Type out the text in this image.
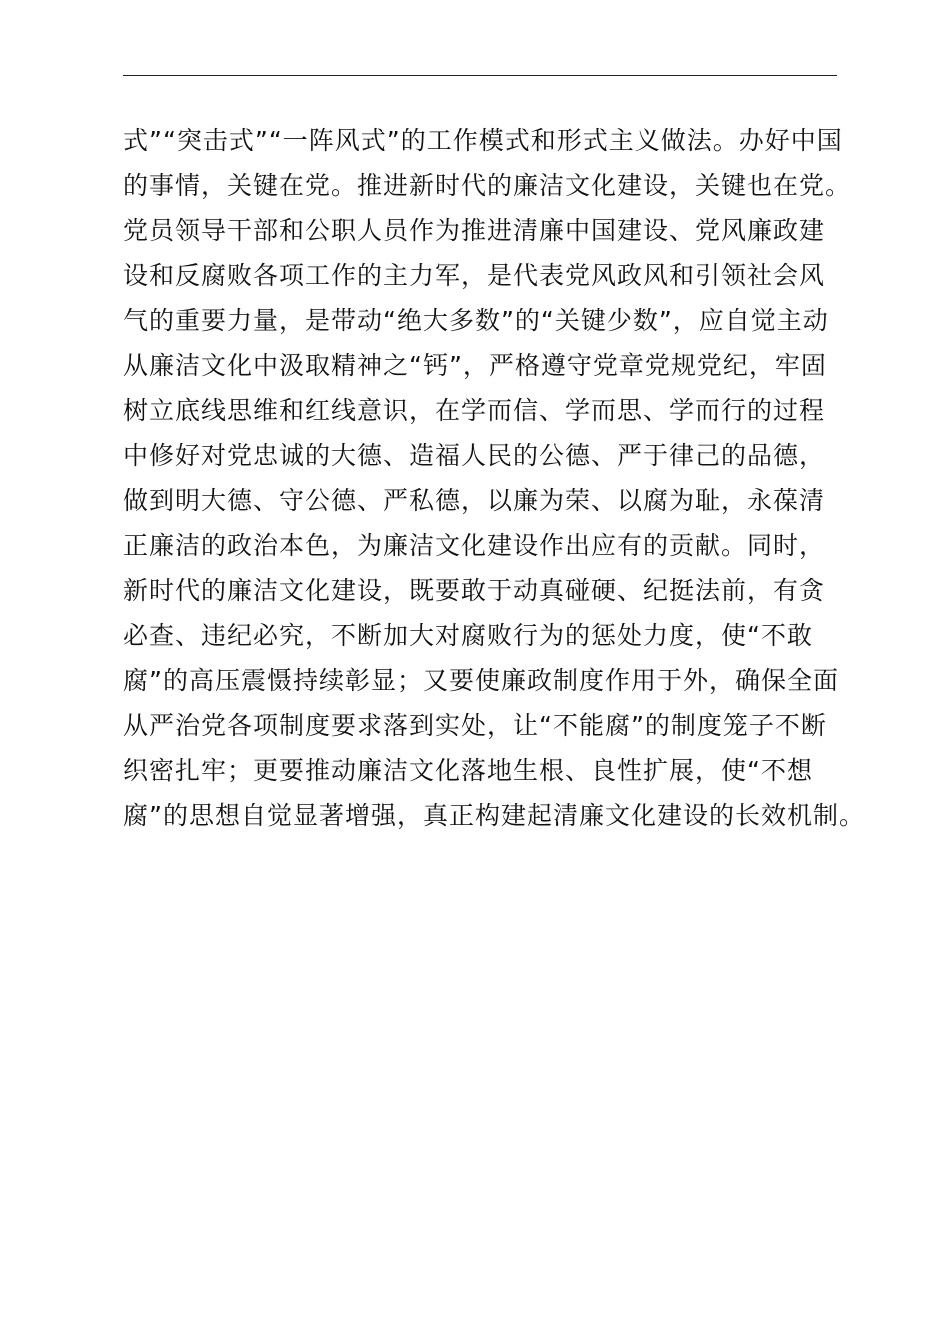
式”“突击式”“一阵风式”的工作模式和形式主义做法。办好中国
的事情，关键在党。推进新时代的廉洁文化建设，关键也在党。
党员领导干部和公职人员作为推进清廉中国建设、党风廉政建
设和反腐败各项工作的主力军，是代表党风政风和引领社会风
气的重要力量，是带动“绝大多数”的“关键少数”，应自觉主动
从廉洁文化中汲取精神之“钙”，严格遵守党章党规党纪，牢固
树立底线思维和红线意识，在学而信、学而思、学而行的过程
中修好对党忠诚的大德、造福人民的公德、严于律己的品德，
做到明大德、守公德、严私德，以廉为荣、以腐为耻，永葆清
正廉洁的政治本色，为廉洁文化建设作出应有的贡献。同时，
新时代的廉洁文化建设，既要敢于动真碰硬、纪挺法前，有贪
必查、违纪必究，不断加大对腐败行为的惩处力度，使“不敢
腐”的高压震慑持续彰显；又要使廉政制度作用于外，确保全面
从严治党各项制度要求落到实处，让“不能腐”的制度笼子不断
织密扎牢；更要推动廉洁文化落地生根、良性扩展，使“不想
腐”的思想自觉显著增强，真正构建起清廉文化建设的长效机制。
